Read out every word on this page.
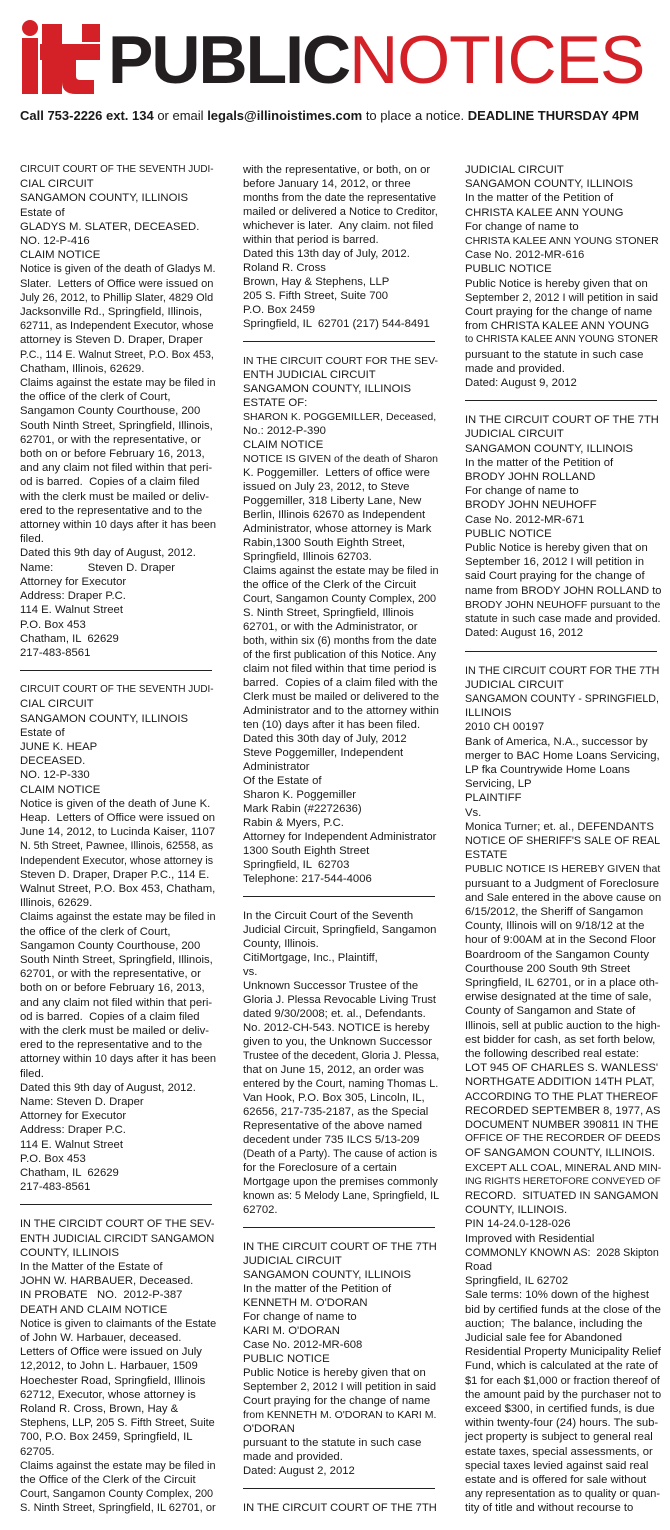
PUBLICNOTICES
Call 753-2226 ext. 134 or email legals@illinoistimes.com to place a notice. DEADLINE THURSDAY 4PM

CIRCUIT COURT OF THE SEVENTH JUDI-

CIAL CIRCUIT

SANGAMON COUNTY, ILLINOIS

Estate of

GLADYS M. SLATER, DECEASED.

NO. 12-P-416

CLAIM NOTICE

Notice is given of the death of Gladys M.

Slater.  Letters of Office were issued on

July 26, 2012, to Phillip Slater, 4829 Old

Jacksonville Rd., Springfield, Illinois,

62711, as Independent Executor, whose

attorney is Steven D. Draper, Draper

P.C., 114 E. Walnut Street, P.O. Box 453,

Chatham, Illinois, 62629.

Claims against the estate may be filed in

the office of the clerk of Court,

Sangamon County Courthouse, 200

South Ninth Street, Springfield, Illinois,

62701, or with the representative, or

both on or before February 16, 2013,

and any claim not filed within that peri-

od is barred.  Copies of a claim filed

with the clerk must be mailed or deliv-

ered to the representative and to the

attorney within 10 days after it has been

filed.

Dated this 9th day of August, 2012.

Name:           Steven D. Draper

Attorney for Executor

Address: Draper P.C.

114 E. Walnut Street

P.O. Box 453

Chatham, IL  62629

217-483-8561

CIRCUIT COURT OF THE SEVENTH JUDI-

CIAL CIRCUIT

SANGAMON COUNTY, ILLINOIS

Estate of

JUNE K. HEAP

DECEASED.

NO. 12-P-330

CLAIM NOTICE

Notice is given of the death of June K.

Heap.  Letters of Office were issued on

June 14, 2012, to Lucinda Kaiser, 1107

N. 5th Street, Pawnee, Illinois, 62558, as

Independent Executor, whose attorney is

Steven D. Draper, Draper P.C., 114 E.

Walnut Street, P.O. Box 453, Chatham,

Illinois, 62629.

Claims against the estate may be filed in

the office of the clerk of Court,

Sangamon County Courthouse, 200

South Ninth Street, Springfield, Illinois,

62701, or with the representative, or

both on or before February 16, 2013,

and any claim not filed within that peri-

od is barred.  Copies of a claim filed

with the clerk must be mailed or deliv-

ered to the representative and to the

attorney within 10 days after it has been

filed.

Dated this 9th day of August, 2012.

Name: Steven D. Draper

Attorney for Executor

Address: Draper P.C.

114 E. Walnut Street

P.O. Box 453

Chatham, IL  62629

217-483-8561

IN THE CIRCIDT COURT OF THE SEV-

ENTH JUDICIAL CIRCIDT SANGAMON

COUNTY, ILLINOIS

In the Matter of the Estate of

JOHN W. HARBAUER, Deceased.

IN PROBATE   NO.  2012-P-387

DEATH AND CLAIM NOTICE

Notice is given to claimants of the Estate

of John W. Harbauer, deceased.

Letters of Office were issued on July

12,2012, to John L. Harbauer, 1509

Hoechester Road, Springfield, Illinois

62712, Executor, whose attorney is

Roland R. Cross, Brown, Hay &

Stephens, LLP, 205 S. Fifth Street, Suite

700, P.O. Box 2459, Springfield, IL

62705.

Claims against the estate may be filed in

the Office of the Clerk of the Circuit

Court, Sangamon County Complex, 200

S. Ninth Street, Springfield, IL 62701, or

with the representative, or both, on or

before January 14, 2012, or three

months from the date the representative

mailed or delivered a Notice to Creditor,

whichever is later.  Any claim. not filed

within that period is barred.

Dated this 13th day of July, 2012.

Roland R. Cross

Brown, Hay & Stephens, LLP

205 S. Fifth Street, Suite 700

P.O. Box 2459

Springfield, IL  62701 (217) 544-8491

IN THE CIRCUIT COURT FOR THE SEV-

ENTH JUDICIAL CIRCUIT

SANGAMON COUNTY, ILLINOIS

ESTATE OF:

SHARON K. POGGEMILLER, Deceased,

No.: 2012-P-390

CLAIM NOTICE

NOTICE IS GIVEN of the death of Sharon

K. Poggemiller.  Letters of office were

issued on July 23, 2012, to Steve

Poggemiller, 318 Liberty Lane, New

Berlin, Illinois 62670 as Independent

Administrator, whose attorney is Mark

Rabin,1300 South Eighth Street,

Springfield, Illinois 62703.

Claims against the estate may be filed in

the office of the Clerk of the Circuit

Court, Sangamon County Complex, 200

S. Ninth Street, Springfield, Illinois

62701, or with the Administrator, or

both, within six (6) months from the date

of the first publication of this Notice. Any

claim not filed within that time period is

barred.  Copies of a claim filed with the

Clerk must be mailed or delivered to the

Administrator and to the attorney within

ten (10) days after it has been filed.

Dated this 30th day of July, 2012

Steve Poggemiller, Independent

Administrator

Of the Estate of

Sharon K. Poggemiller

Mark Rabin (#2272636)

Rabin & Myers, P.C.

Attorney for Independent Administrator

1300 South Eighth Street

Springfield, IL  62703

Telephone: 217-544-4006

In the Circuit Court of the Seventh

Judicial Circuit, Springfield, Sangamon

County, Illinois.

CitiMortgage, Inc., Plaintiff,

vs.

Unknown Successor Trustee of the

Gloria J. Plessa Revocable Living Trust

dated 9/30/2008; et. al., Defendants.

No. 2012-CH-543. NOTICE is hereby

given to you, the Unknown Successor

Trustee of the decedent, Gloria J. Plessa,

that on June 15, 2012, an order was

entered by the Court, naming Thomas L.

Van Hook, P.O. Box 305, Lincoln, IL,

62656, 217-735-2187, as the Special

Representative of the above named

decedent under 735 ILCS 5/13-209

(Death of a Party). The cause of action is

for the Foreclosure of a certain

Mortgage upon the premises commonly

known as: 5 Melody Lane, Springfield, IL

62702.

IN THE CIRCUIT COURT OF THE 7TH

JUDICIAL CIRCUIT

SANGAMON COUNTY, ILLINOIS

In the matter of the Petition of

KENNETH M. O'DORAN

For change of name to

KARI M. O'DORAN

Case No. 2012-MR-608

PUBLIC NOTICE

Public Notice is hereby given that on

September 2, 2012 I will petition in said

Court praying for the change of name

from KENNETH M. O'DORAN to KARI M.

O'DORAN

pursuant to the statute in such case

made and provided.

Dated: August 2, 2012

IN THE CIRCUIT COURT OF THE 7TH

JUDICIAL CIRCUIT

SANGAMON COUNTY, ILLINOIS

In the matter of the Petition of

CHRISTA KALEE ANN YOUNG

For change of name to

CHRISTA KALEE ANN YOUNG STONER

Case No. 2012-MR-616

PUBLIC NOTICE

Public Notice is hereby given that on

September 2, 2012 I will petition in said

Court praying for the change of name

from CHRISTA KALEE ANN YOUNG

to CHRISTA KALEE ANN YOUNG STONER

pursuant to the statute in such case

made and provided.

Dated: August 9, 2012

IN THE CIRCUIT COURT OF THE 7TH

JUDICIAL CIRCUIT

SANGAMON COUNTY, ILLINOIS

In the matter of the Petition of

BRODY JOHN ROLLAND

For change of name to

BRODY JOHN NEUHOFF

Case No. 2012-MR-671

PUBLIC NOTICE

Public Notice is hereby given that on

September 16, 2012 I will petition in

said Court praying for the change of

name from BRODY JOHN ROLLAND to

BRODY JOHN NEUHOFF pursuant to the

statute in such case made and provided.

Dated: August 16, 2012

IN THE CIRCUIT COURT FOR THE 7TH

JUDICIAL CIRCUIT

SANGAMON COUNTY - SPRINGFIELD,

ILLINOIS

2010 CH 00197

Bank of America, N.A., successor by

merger to BAC Home Loans Servicing,

LP fka Countrywide Home Loans

Servicing, LP

PLAINTIFF

Vs.

Monica Turner; et. al., DEFENDANTS

NOTICE OF SHERIFF'S SALE OF REAL

ESTATE

PUBLIC NOTICE IS HEREBY GIVEN that

pursuant to a Judgment of Foreclosure

and Sale entered in the above cause on

6/15/2012, the Sheriff of Sangamon

County, Illinois will on 9/18/12 at the

hour of 9:00AM at in the Second Floor

Boardroom of the Sangamon County

Courthouse 200 South 9th Street

Springfield, IL 62701, or in a place oth-

erwise designated at the time of sale,

County of Sangamon and State of

Illinois, sell at public auction to the high-

est bidder for cash, as set forth below,

the following described real estate:

LOT 945 OF CHARLES S. WANLESS'

NORTHGATE ADDITION 14TH PLAT,

ACCORDING TO THE PLAT THEREOF

RECORDED SEPTEMBER 8, 1977, AS

DOCUMENT NUMBER 390811 IN THE

OFFICE OF THE RECORDER OF DEEDS

OF SANGAMON COUNTY, ILLINOIS.

EXCEPT ALL COAL, MINERAL AND MIN-

ING RIGHTS HERETOFORE CONVEYED OF

RECORD.  SITUATED IN SANGAMON

COUNTY, ILLINOIS.

PIN 14-24.0-128-026

Improved with Residential

COMMONLY KNOWN AS:  2028 Skipton

Road

Springfield, IL 62702

Sale terms: 10% down of the highest

bid by certified funds at the close of the

auction;  The balance, including the

Judicial sale fee for Abandoned

Residential Property Municipality Relief

Fund, which is calculated at the rate of

$1 for each $1,000 or fraction thereof of

the amount paid by the purchaser not to

exceed $300, in certified funds, is due

within twenty-four (24) hours. The sub-

ject property is subject to general real

estate taxes, special assessments, or

special taxes levied against said real

estate and is offered for sale without

any representation as to quality or quan-

tity of title and without recourse to
